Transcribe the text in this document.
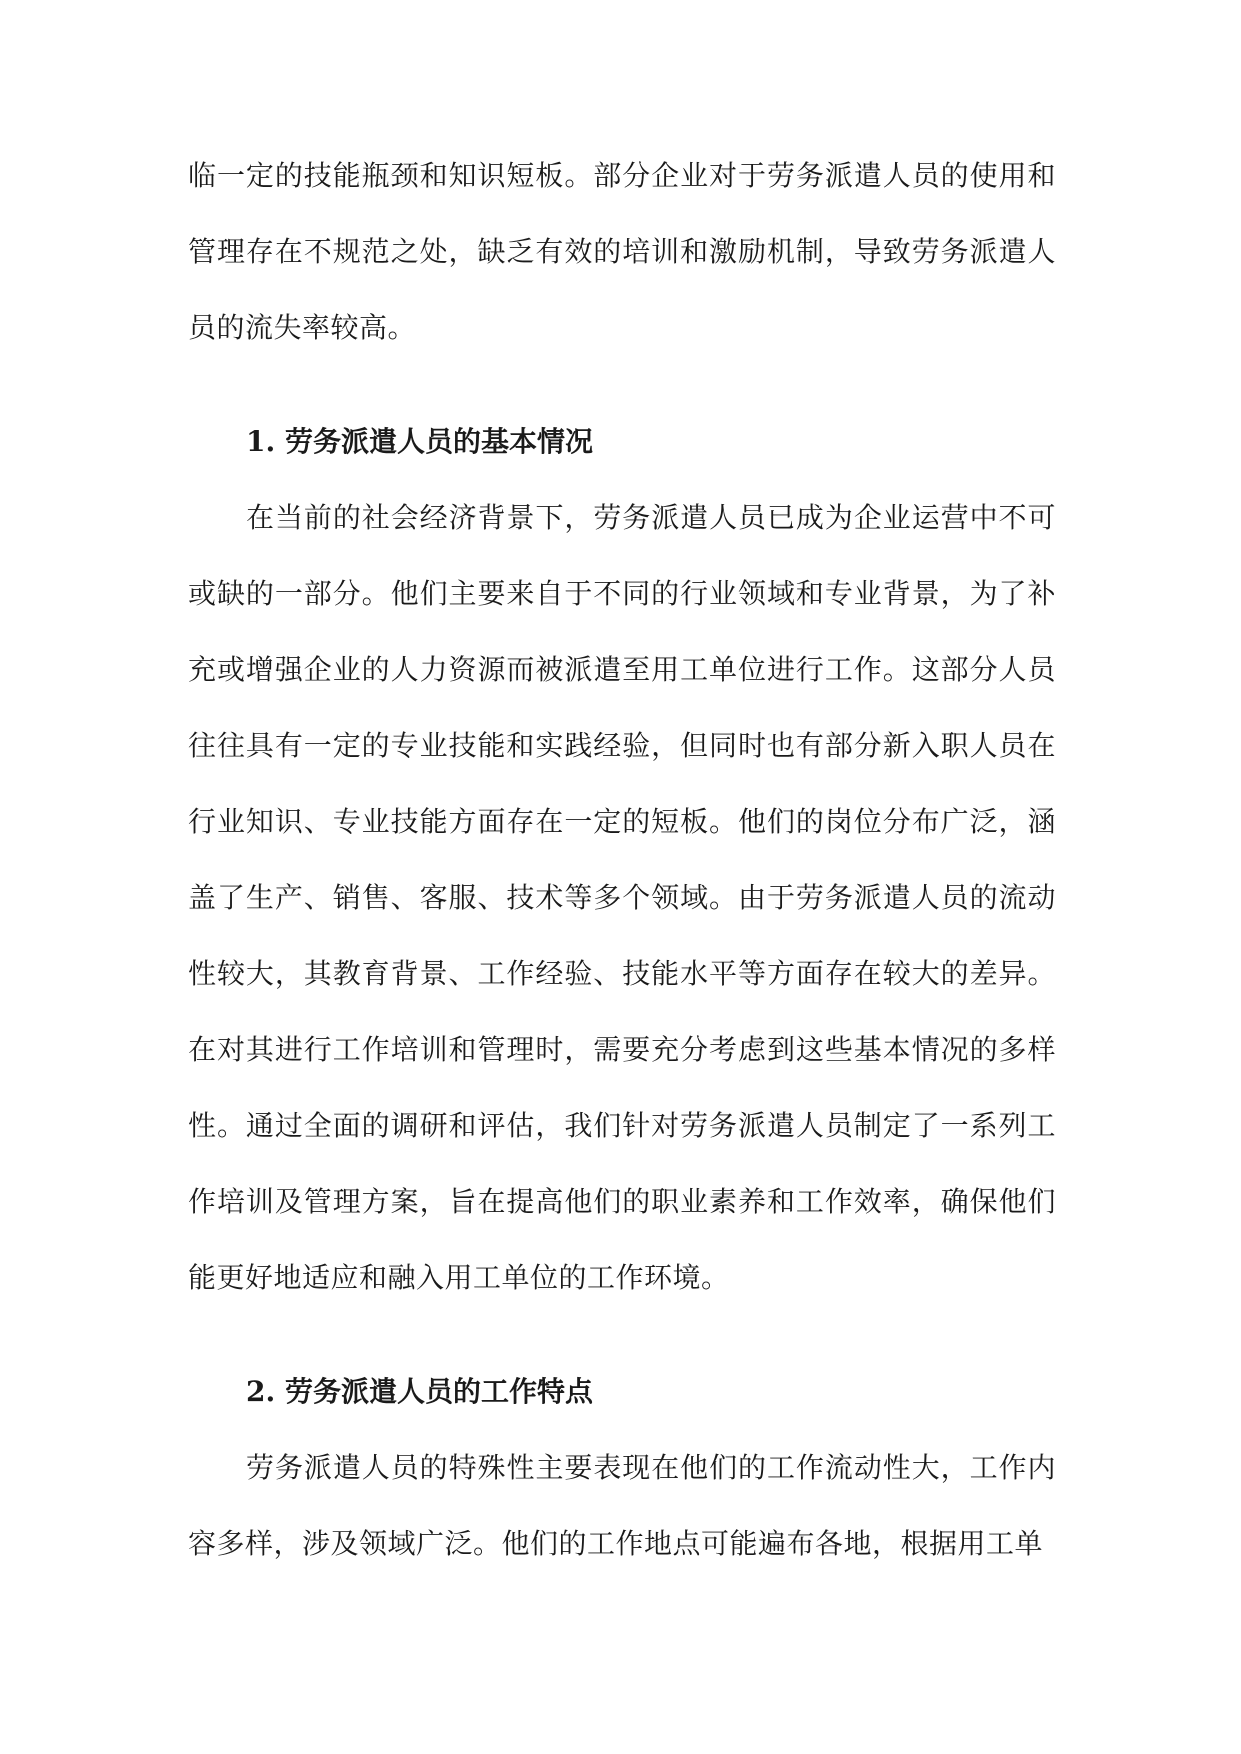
临一定的技能瓶颈和知识短板。部分企业对于劳务派遣人员的使用和管理存在不规范之处，缺乏有效的培训和激励机制，导致劳务派遣人员的流失率较高。

1. 劳务派遣人员的基本情况

在当前的社会经济背景下，劳务派遣人员已成为企业运营中不可或缺的一部分。他们主要来自于不同的行业领域和专业背景，为了补充或增强企业的人力资源而被派遣至用工单位进行工作。这部分人员往往具有一定的专业技能和实践经验，但同时也有部分新入职人员在行业知识、专业技能方面存在一定的短板。他们的岗位分布广泛，涵盖了生产、销售、客服、技术等多个领域。由于劳务派遣人员的流动性较大，其教育背景、工作经验、技能水平等方面存在较大的差异。在对其进行工作培训和管理时，需要充分考虑到这些基本情况的多样性。通过全面的调研和评估，我们针对劳务派遣人员制定了一系列工作培训及管理方案，旨在提高他们的职业素养和工作效率，确保他们能更好地适应和融入用工单位的工作环境。

2. 劳务派遣人员的工作特点

劳务派遣人员的特殊性主要表现在他们的工作流动性大，工作内容多样，涉及领域广泛。他们的工作地点可能遍布各地，根据用工单
